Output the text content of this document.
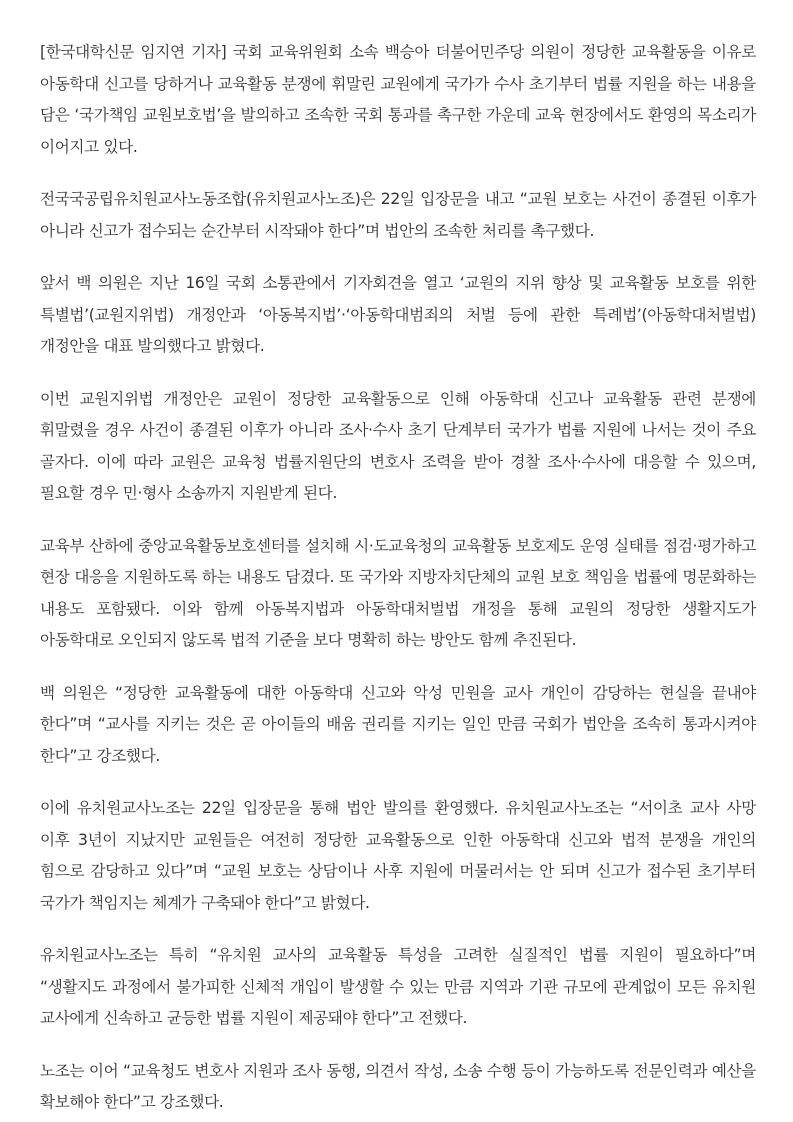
[한국대학신문 임지연 기자] 국회 교육위원회 소속 백승아 더불어민주당 의원이 정당한 교육활동을 이유로 아동학대 신고를 당하거나 교육활동 분쟁에 휘말린 교원에게 국가가 수사 초기부터 법률 지원을 하는 내용을 담은 ‘국가책임 교원보호법’을 발의하고 조속한 국회 통과를 촉구한 가운데 교육 현장에서도 환영의 목소리가 이어지고 있다.

전국국공립유치원교사노동조합(유치원교사노조)은 22일 입장문을 내고 “교원 보호는 사건이 종결된 이후가 아니라 신고가 접수되는 순간부터 시작돼야 한다”며 법안의 조속한 처리를 촉구했다.

앞서 백 의원은 지난 16일 국회 소통관에서 기자회견을 열고 ‘교원의 지위 향상 및 교육활동 보호를 위한 특별법’(교원지위법) 개정안과 ‘아동복지법’·‘아동학대범죄의 처벌 등에 관한 특례법’(아동학대처벌법) 개정안을 대표 발의했다고 밝혔다.

이번 교원지위법 개정안은 교원이 정당한 교육활동으로 인해 아동학대 신고나 교육활동 관련 분쟁에 휘말렸을 경우 사건이 종결된 이후가 아니라 조사·수사 초기 단계부터 국가가 법률 지원에 나서는 것이 주요 골자다. 이에 따라 교원은 교육청 법률지원단의 변호사 조력을 받아 경찰 조사·수사에 대응할 수 있으며, 필요할 경우 민·형사 소송까지 지원받게 된다.

교육부 산하에 중앙교육활동보호센터를 설치해 시·도교육청의 교육활동 보호제도 운영 실태를 점검·평가하고 현장 대응을 지원하도록 하는 내용도 담겼다. 또 국가와 지방자치단체의 교원 보호 책임을 법률에 명문화하는 내용도 포함됐다. 이와 함께 아동복지법과 아동학대처벌법 개정을 통해 교원의 정당한 생활지도가 아동학대로 오인되지 않도록 법적 기준을 보다 명확히 하는 방안도 함께 추진된다.

백 의원은 “정당한 교육활동에 대한 아동학대 신고와 악성 민원을 교사 개인이 감당하는 현실을 끝내야 한다”며 “교사를 지키는 것은 곧 아이들의 배움 권리를 지키는 일인 만큼 국회가 법안을 조속히 통과시켜야 한다”고 강조했다.

이에 유치원교사노조는 22일 입장문을 통해 법안 발의를 환영했다. 유치원교사노조는 “서이초 교사 사망 이후 3년이 지났지만 교원들은 여전히 정당한 교육활동으로 인한 아동학대 신고와 법적 분쟁을 개인의 힘으로 감당하고 있다”며 “교원 보호는 상담이나 사후 지원에 머물러서는 안 되며 신고가 접수된 초기부터 국가가 책임지는 체계가 구축돼야 한다”고 밝혔다.

유치원교사노조는 특히 “유치원 교사의 교육활동 특성을 고려한 실질적인 법률 지원이 필요하다”며 “생활지도 과정에서 불가피한 신체적 개입이 발생할 수 있는 만큼 지역과 기관 규모에 관계없이 모든 유치원 교사에게 신속하고 균등한 법률 지원이 제공돼야 한다”고 전했다.

노조는 이어 “교육청도 변호사 지원과 조사 동행, 의견서 작성, 소송 수행 등이 가능하도록 전문인력과 예산을 확보해야 한다”고 강조했다.
